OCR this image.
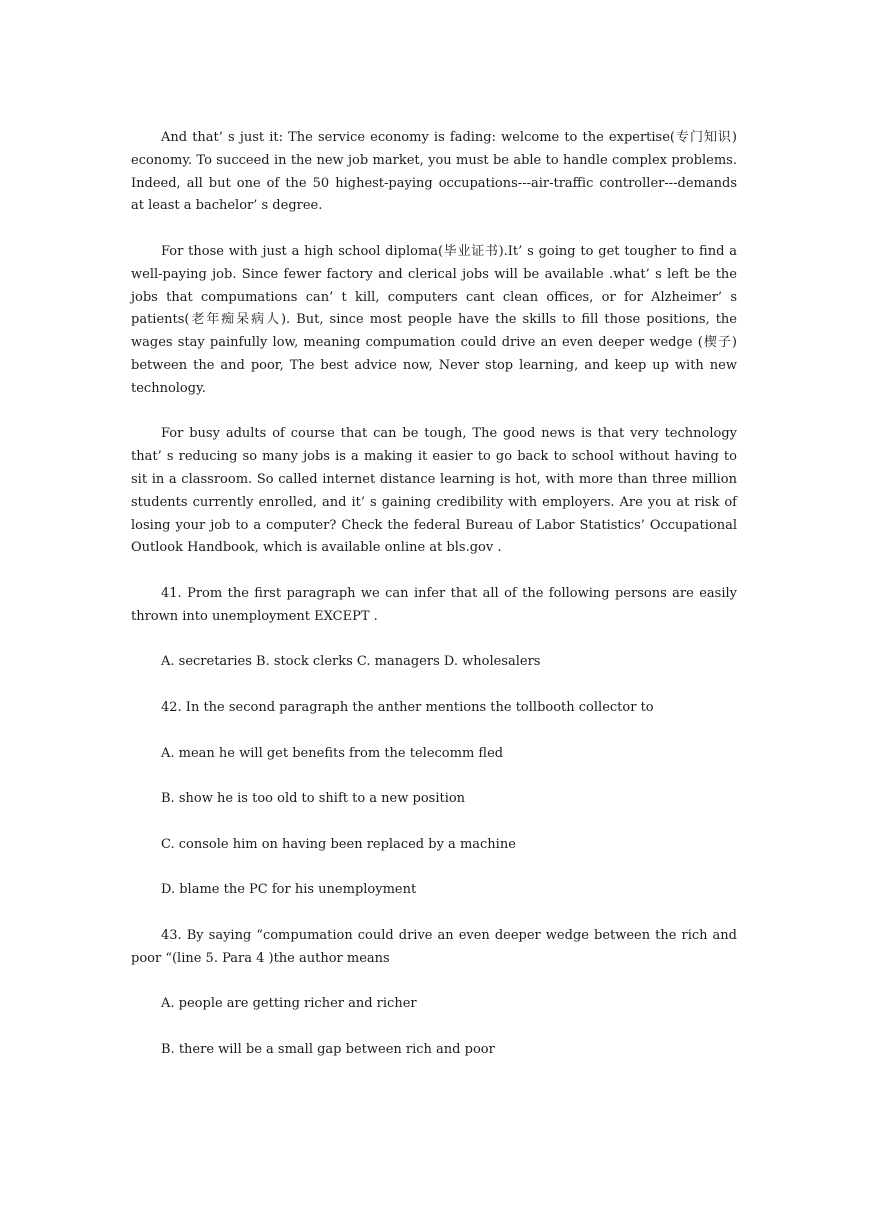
And that’ s just it: The service economy is fading: welcome to the expertise(专门知识) economy. To succeed in the new job market, you must be able to handle complex problems. Indeed, all but one of the 50 highest-paying occupations---air-traffic controller---demands at least a bachelor’ s degree.

For those with just a high school diploma(毕业证书).It’ s going to get tougher to find a well-paying job. Since fewer factory and clerical jobs will be available .what’ s left be the jobs that compumations can’ t kill, computers cant clean offices, or for Alzheimer’ s patients(老年痴呆病人). But, since most people have the skills to fill those positions, the wages stay painfully low, meaning compumation could drive an even deeper wedge (楔子) between the and poor, The best advice now, Never stop learning, and keep up with new technology.

For busy adults of course that can be tough, The good news is that very technology that’ s reducing so many jobs is a making it easier to go back to school without having to sit in a classroom. So called internet distance learning is hot, with more than three million students currently enrolled, and it’ s gaining credibility with employers. Are you at risk of losing your job to a computer? Check the federal Bureau of Labor Statistics’ Occupational Outlook Handbook, which is available online at bls.gov .

41. Prom the first paragraph we can infer that all of the following persons are easily thrown into unemployment EXCEPT .

A. secretaries B. stock clerks C. managers D. wholesalers

42. In the second paragraph the anther mentions the tollbooth collector to

A. mean he will get benefits from the telecomm fled

B. show he is too old to shift to a new position

C. console him on having been replaced by a machine

D. blame the PC for his unemployment

43. By saying “compumation could drive an even deeper wedge between the rich and poor “(line 5. Para 4 )the author means

A. people are getting richer and richer

B. there will be a small gap between rich and poor
